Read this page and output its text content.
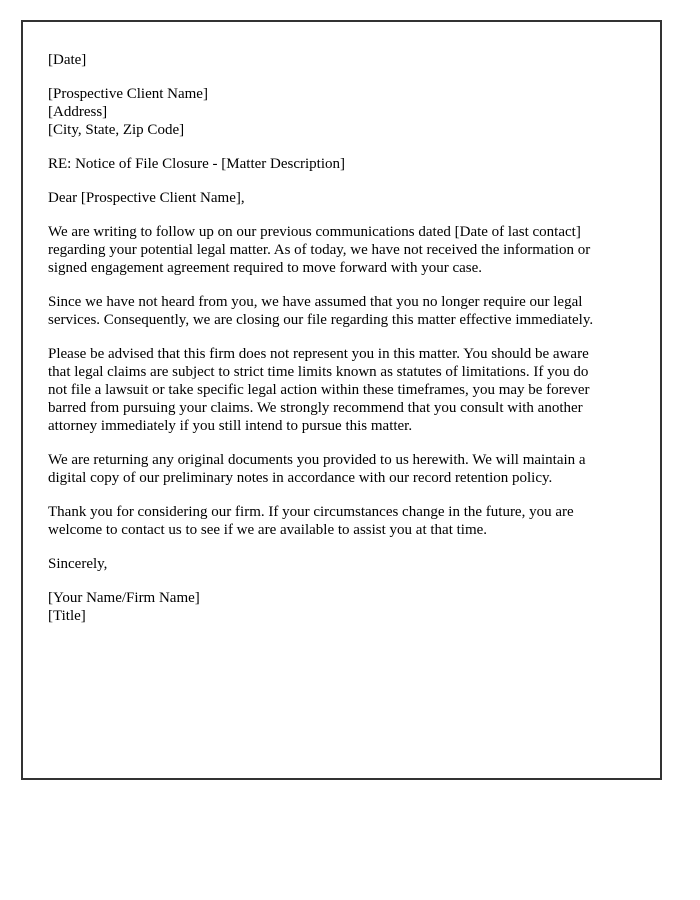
[Date]

[Prospective Client Name]
[Address]
[City, State, Zip Code]

RE: Notice of File Closure - [Matter Description]

Dear [Prospective Client Name],

We are writing to follow up on our previous communications dated [Date of last contact]
regarding your potential legal matter. As of today, we have not received the information or
signed engagement agreement required to move forward with your case.

Since we have not heard from you, we have assumed that you no longer require our legal
services. Consequently, we are closing our file regarding this matter effective immediately.

Please be advised that this firm does not represent you in this matter. You should be aware
that legal claims are subject to strict time limits known as statutes of limitations. If you do
not file a lawsuit or take specific legal action within these timeframes, you may be forever
barred from pursuing your claims. We strongly recommend that you consult with another
attorney immediately if you still intend to pursue this matter.

We are returning any original documents you provided to us herewith. We will maintain a
digital copy of our preliminary notes in accordance with our record retention policy.

Thank you for considering our firm. If your circumstances change in the future, you are
welcome to contact us to see if we are available to assist you at that time.

Sincerely,

[Your Name/Firm Name]
[Title]
